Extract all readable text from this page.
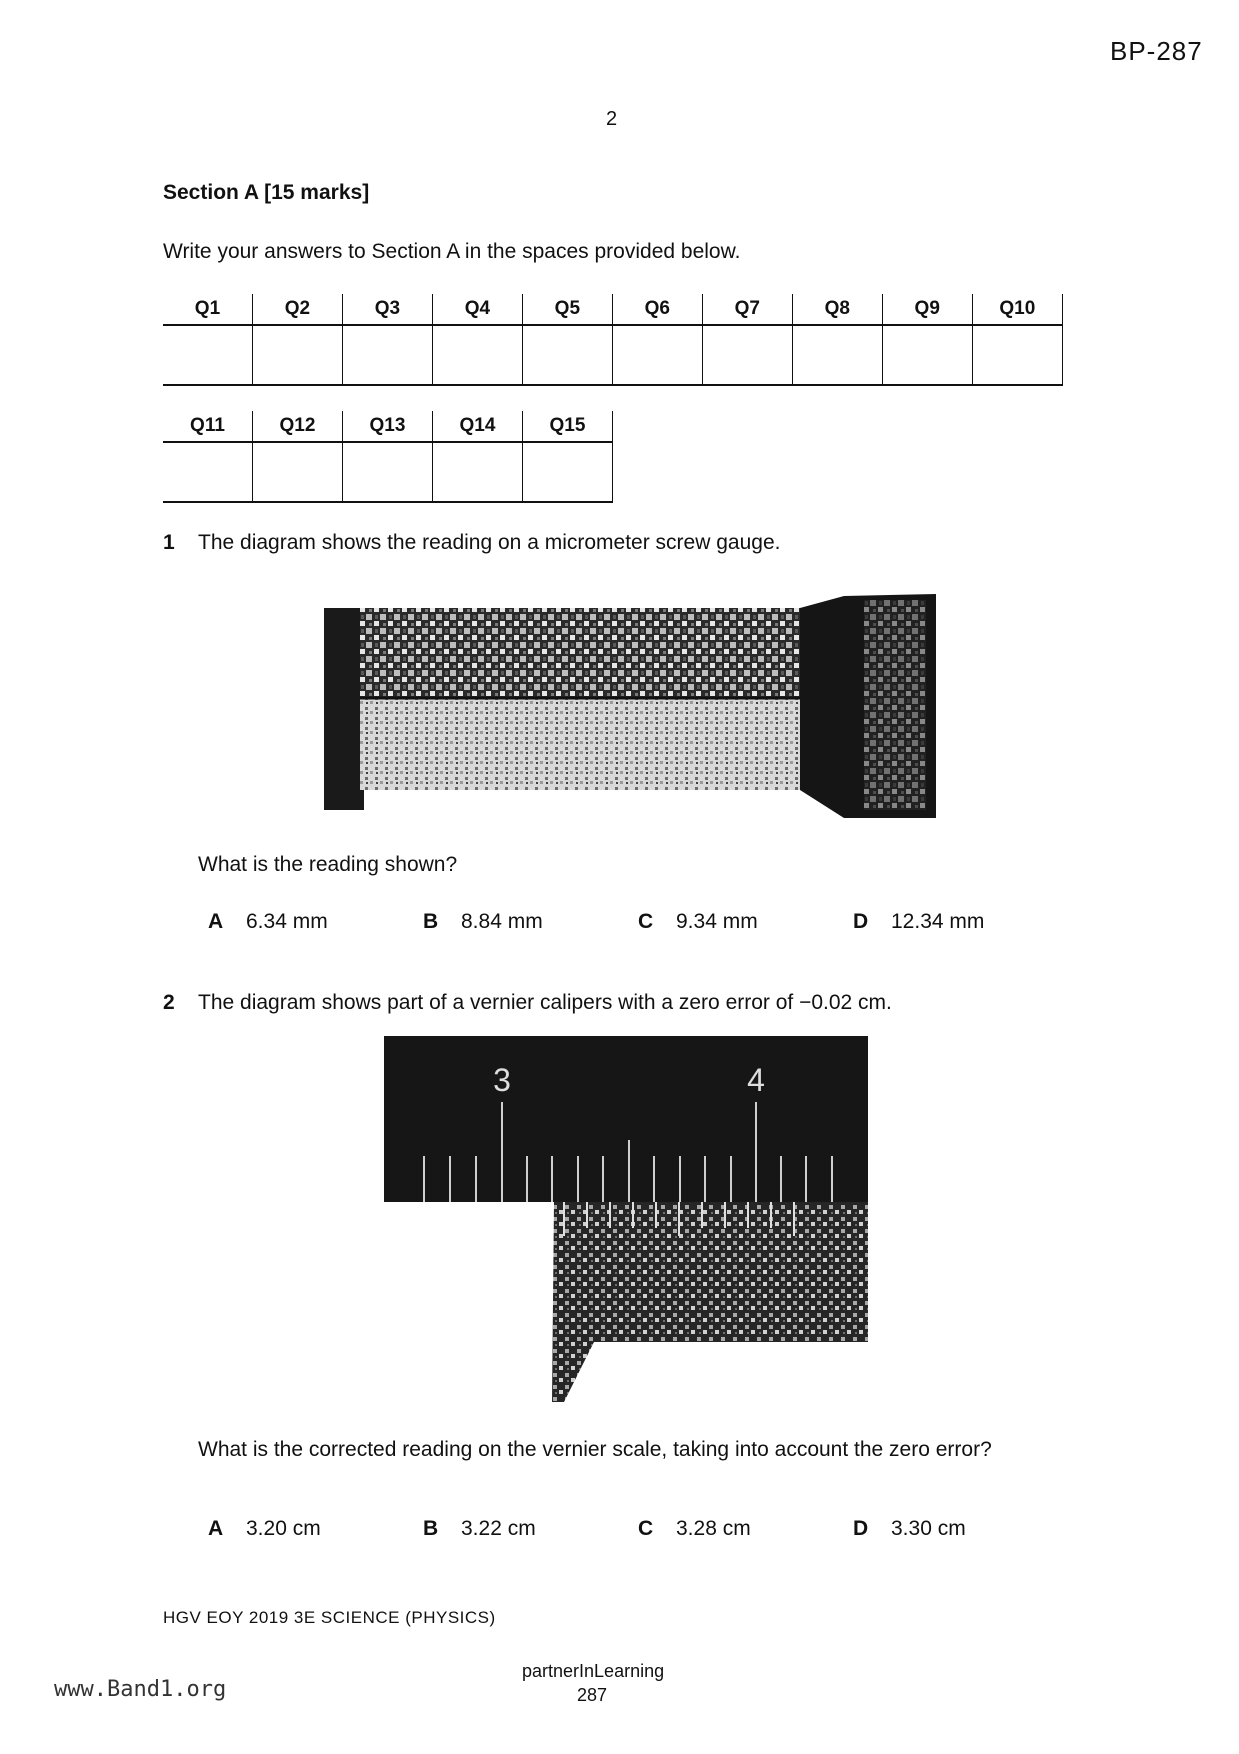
BP-287
2
Section A [15 marks]
Write your answers to Section A in the spaces provided below.
Q1	Q2	Q3	Q4	Q5	Q6	Q7	Q8	Q9	Q10

Q11	Q12	Q13	Q14	Q15

1 The diagram shows the reading on a micrometer screw gauge.
What is the reading shown?
A	6.34 mm	B	8.84 mm	C	9.34 mm	D	12.34 mm
2 The diagram shows part of a vernier calipers with a zero error of −0.02 cm.
3	4
What is the corrected reading on the vernier scale, taking into account the zero error?
A	3.20 cm	B	3.22 cm	C	3.28 cm	D	3.30 cm
HGV EOY 2019 3E SCIENCE (PHYSICS)
partnerInLearning
287
www.Band1.org
